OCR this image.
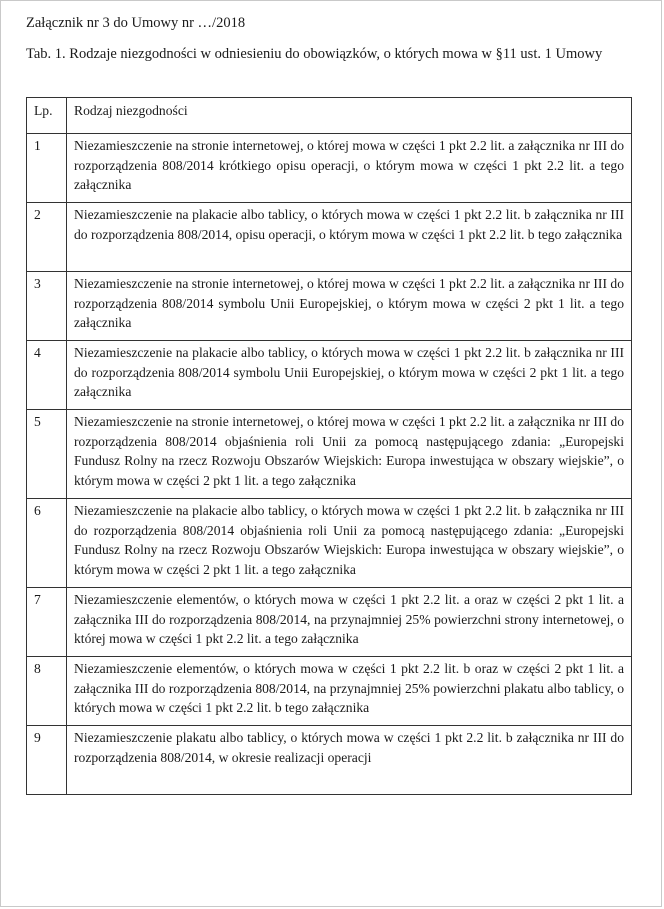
Załącznik nr 3 do Umowy nr …/2018
Tab. 1. Rodzaje niezgodności w odniesieniu do obowiązków, o których mowa w §11 ust. 1 Umowy
Lp.	Rodzaj niezgodności
1	Niezamieszczenie na stronie internetowej, o której mowa w części 1 pkt 2.2 lit. a załącznika nr III do rozporządzenia 808/2014 krótkiego opisu operacji, o którym mowa w części 1 pkt 2.2 lit. a tego załącznika
2	Niezamieszczenie na plakacie albo tablicy, o których mowa w części 1 pkt 2.2 lit. b załącznika nr III do rozporządzenia 808/2014, opisu operacji, o którym mowa w części 1 pkt 2.2 lit. b tego załącznika
3	Niezamieszczenie na stronie internetowej, o której mowa w części 1 pkt 2.2 lit. a załącznika nr III do rozporządzenia 808/2014 symbolu Unii Europejskiej, o którym mowa w części 2 pkt 1 lit. a tego załącznika
4	Niezamieszczenie na plakacie albo tablicy, o których mowa w części 1 pkt 2.2 lit. b załącznika nr III do rozporządzenia 808/2014 symbolu Unii Europejskiej, o którym mowa w części 2 pkt 1 lit. a tego załącznika
5	Niezamieszczenie na stronie internetowej, o której mowa w części 1 pkt 2.2 lit. a załącznika nr III do rozporządzenia 808/2014 objaśnienia roli Unii za pomocą następującego zdania: „Europejski Fundusz Rolny na rzecz Rozwoju Obszarów Wiejskich: Europa inwestująca w obszary wiejskie”, o którym mowa w części 2 pkt 1 lit. a tego załącznika
6	Niezamieszczenie na plakacie albo tablicy, o których mowa w części 1 pkt 2.2 lit. b załącznika nr III do rozporządzenia 808/2014 objaśnienia roli Unii za pomocą następującego zdania: „Europejski Fundusz Rolny na rzecz Rozwoju Obszarów Wiejskich: Europa inwestująca w obszary wiejskie”, o którym mowa w części 2 pkt 1 lit. a tego załącznika
7	Niezamieszczenie elementów, o których mowa w części 1 pkt 2.2 lit. a oraz w części 2 pkt 1 lit. a załącznika III do rozporządzenia 808/2014, na przynajmniej 25% powierzchni strony internetowej, o której mowa w części 1 pkt 2.2 lit. a tego załącznika
8	Niezamieszczenie elementów, o których mowa w części 1 pkt 2.2 lit. b oraz w części 2 pkt 1 lit. a załącznika III do rozporządzenia 808/2014, na przynajmniej 25% powierzchni plakatu albo tablicy, o których mowa w części 1 pkt 2.2 lit. b tego załącznika
9	Niezamieszczenie plakatu albo tablicy, o których mowa w części 1 pkt 2.2 lit. b załącznika nr III do rozporządzenia 808/2014, w okresie realizacji operacji
